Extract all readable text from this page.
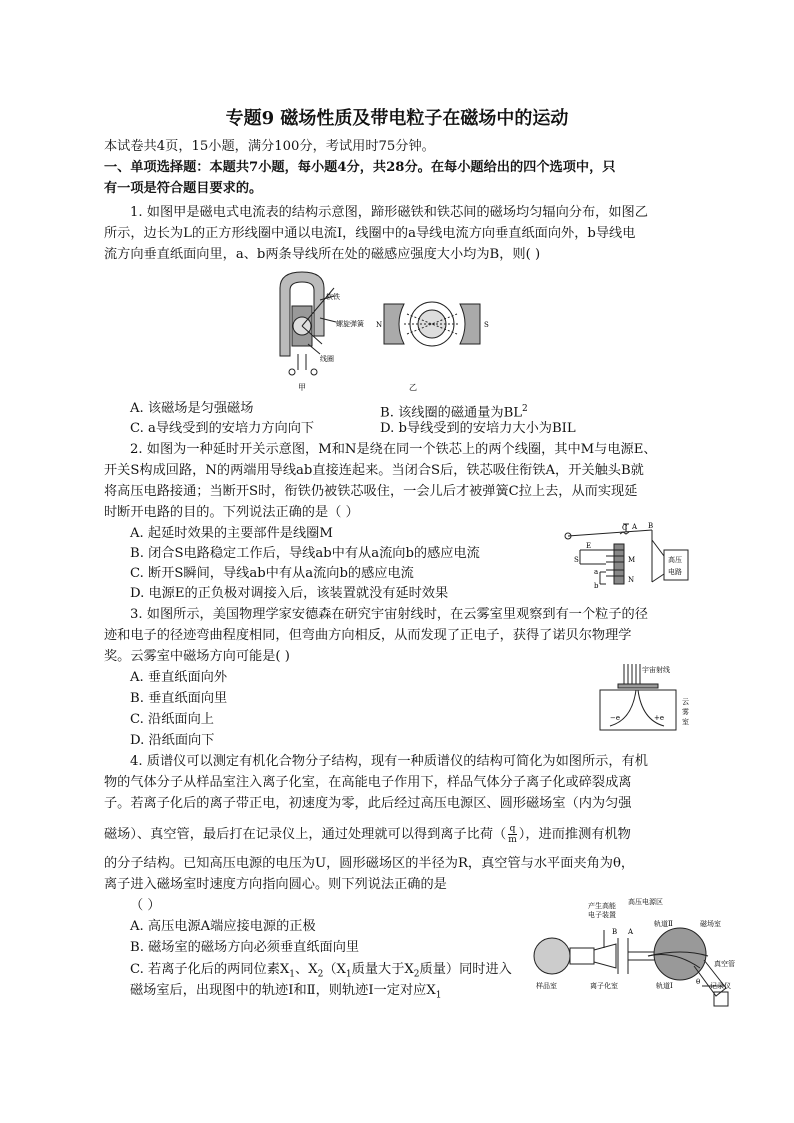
专题9 磁场性质及带电粒子在磁场中的运动
本试卷共4页，15小题，满分100分，考试用时75分钟。
一、单项选择题：本题共7小题，每小题4分，共28分。在每小题给出的四个选项中，只
有一项是符合题目要求的。
1. 如图甲是磁电式电流表的结构示意图，蹄形磁铁和铁芯间的磁场均匀辐向分布，如图乙
所示，边长为L的正方形线圈中通以电流I，线圈中的a导线电流方向垂直纸面向外，b导线电
流方向垂直纸面向里，a、b两条导线所在处的磁感应强度大小均为B，则( )
软铁
螺旋弹簧
线圈
甲
N	S
乙
A. 该磁场是匀强磁场	B. 该线圈的磁通量为$BL^2$
C. a导线受到的安培力方向向下	D. b导线受到的安培力大小为BIL
2. 如图为一种延时开关示意图，M和N是绕在同一个铁芯上的两个线圈，其中M与电源E、
开关S构成回路，N的两端用导线ab直接连起来。当闭合S后，铁芯吸住衔铁A，开关触头B就
将高压电路接通；当断开S时，衔铁仍被铁芯吸住，一会儿后才被弹簧C拉上去，从而实现延
时断开电路的目的。下列说法正确的是（ ）
A. 起延时效果的主要部件是线圈M
B. 闭合S电路稳定工作后，导线ab中有从a流向b的感应电流
C. 断开S瞬间，导线ab中有从a流向b的感应电流
D. 电源E的正负极对调接入后，该装置就没有延时效果
C A B
E
S	M
N
a
b
高压
电路
3. 如图所示，美国物理学家安德森在研究宇宙射线时，在云雾室里观察到有一个粒子的径
迹和电子的径迹弯曲程度相同，但弯曲方向相反，从而发现了正电子，获得了诺贝尔物理学
奖。云雾室中磁场方向可能是( )
A. 垂直纸面向外
B. 垂直纸面向里
C. 沿纸面向上
D. 沿纸面向下
宇宙射线
−e	+e
云
雾
室
4. 质谱仪可以测定有机化合物分子结构，现有一种质谱仪的结构可简化为如图所示，有机
物的气体分子从样品室注入离子化室，在高能电子作用下，样品气体分子离子化或碎裂成离
子。若离子化后的离子带正电，初速度为零，此后经过高压电源区、圆形磁场室（内为匀强
磁场）、真空管，最后打在记录仪上，通过处理就可以得到离子比荷（ $\frac{q}{m}$ ），进而推测有机物
的分子结构。已知高压电源的电压为U，圆形磁场区的半径为R，真空管与水平面夹角为θ，
离子进入磁场室时速度方向指向圆心。则下列说法正确的是
（ ）
A. 高压电源A端应接电源的正极
B. 磁场室的磁场方向必须垂直纸面向里
C. 若离子化后的两同位素$X_1$、$X_2(X_1$质量大于$X_2$质量）同时进入
磁场室后，出现图中的轨迹Ⅰ和Ⅱ，则轨迹Ⅰ一定对应$X_1$
产生高能
电子装置
高压电源区
B A
轨道Ⅱ	磁场室
真空管
样品室	离子化室	轨道Ⅰ	θ 记录仪
